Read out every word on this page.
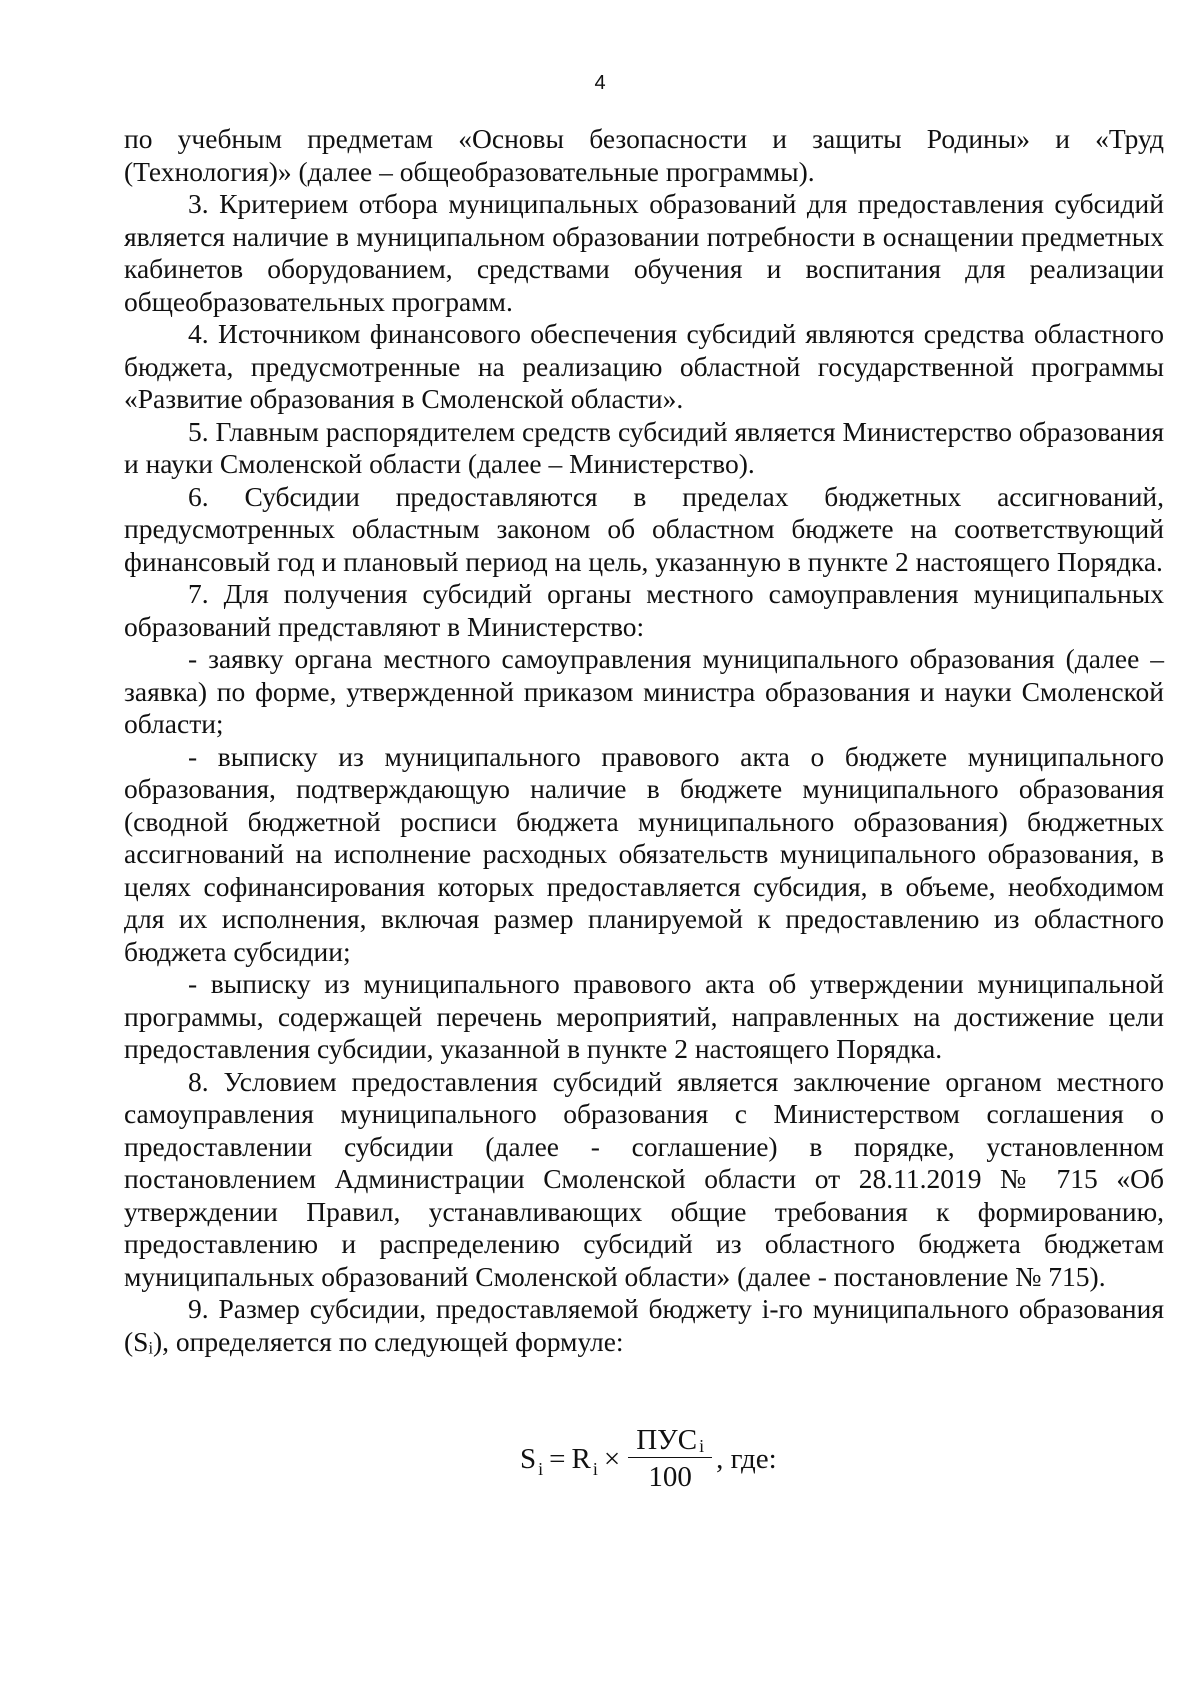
4

по учебным предметам «Основы безопасности и защиты Родины» и «Труд (Технология)» (далее – общеобразовательные программы).

3. Критерием отбора муниципальных образований для предоставления субсидий является наличие в муниципальном образовании потребности в оснащении предметных кабинетов оборудованием, средствами обучения и воспитания для реализации общеобразовательных программ.

4. Источником финансового обеспечения субсидий являются средства областного бюджета, предусмотренные на реализацию областной государственной программы «Развитие образования в Смоленской области».

5. Главным распорядителем средств субсидий является Министерство образования и науки Смоленской области (далее – Министерство).

6. Субсидии предоставляются в пределах бюджетных ассигнований, предусмотренных областным законом об областном бюджете на соответствующий финансовый год и плановый период на цель, указанную в пункте 2 настоящего Порядка.

7. Для получения субсидий органы местного самоуправления муниципальных образований представляют в Министерство:

- заявку органа местного самоуправления муниципального образования (далее – заявка) по форме, утвержденной приказом министра образования и науки Смоленской области;

- выписку из муниципального правового акта о бюджете муниципального образования, подтверждающую наличие в бюджете муниципального образования (сводной бюджетной росписи бюджета муниципального образования) бюджетных ассигнований на исполнение расходных обязательств муниципального образования, в целях софинансирования которых предоставляется субсидия, в объеме, необходимом для их исполнения, включая размер планируемой к предоставлению из областного бюджета субсидии;

- выписку из муниципального правового акта об утверждении муниципальной программы, содержащей перечень мероприятий, направленных на достижение цели предоставления субсидии, указанной в пункте 2 настоящего Порядка.

8. Условием предоставления субсидий является заключение органом местного самоуправления муниципального образования с Министерством соглашения о предоставлении субсидии (далее - соглашение) в порядке, установленном постановлением Администрации Смоленской области от 28.11.2019 № 715 «Об утверждении Правил, устанавливающих общие требования к формированию, предоставлению и распределению субсидий из областного бюджета бюджетам муниципальных образований Смоленской области» (далее - постановление № 715).

9. Размер субсидии, предоставляемой бюджету i-го муниципального образования (Sᵢ), определяется по следующей формуле:

S i = R $i \times \frac{\text{ПУС i}}{100}$ , где:
